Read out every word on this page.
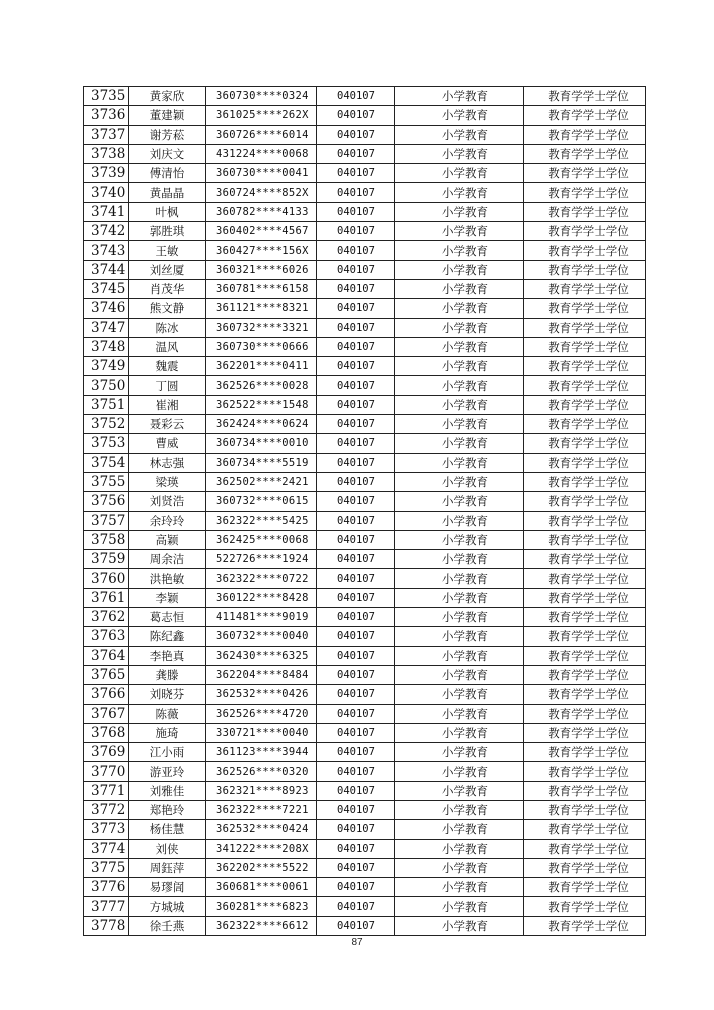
3735	黄家欣	360730****0324	040107	小学教育	教育学学士学位
3736	董建颖	361025****262X	040107	小学教育	教育学学士学位
3737	谢芳菘	360726****6014	040107	小学教育	教育学学士学位
3738	刘庆文	431224****0068	040107	小学教育	教育学学士学位
3739	傅清怡	360730****0041	040107	小学教育	教育学学士学位
3740	黄晶晶	360724****852X	040107	小学教育	教育学学士学位
3741	叶枫	360782****4133	040107	小学教育	教育学学士学位
3742	郭胜琪	360402****4567	040107	小学教育	教育学学士学位
3743	王敏	360427****156X	040107	小学教育	教育学学士学位
3744	刘丝厦	360321****6026	040107	小学教育	教育学学士学位
3745	肖茂华	360781****6158	040107	小学教育	教育学学士学位
3746	熊文静	361121****8321	040107	小学教育	教育学学士学位
3747	陈冰	360732****3321	040107	小学教育	教育学学士学位
3748	温风	360730****0666	040107	小学教育	教育学学士学位
3749	魏震	362201****0411	040107	小学教育	教育学学士学位
3750	丁圆	362526****0028	040107	小学教育	教育学学士学位
3751	崔湘	362522****1548	040107	小学教育	教育学学士学位
3752	聂彩云	362424****0624	040107	小学教育	教育学学士学位
3753	曹威	360734****0010	040107	小学教育	教育学学士学位
3754	林志强	360734****5519	040107	小学教育	教育学学士学位
3755	梁瑛	362502****2421	040107	小学教育	教育学学士学位
3756	刘贤浩	360732****0615	040107	小学教育	教育学学士学位
3757	余玲玲	362322****5425	040107	小学教育	教育学学士学位
3758	高颖	362425****0068	040107	小学教育	教育学学士学位
3759	周余洁	522726****1924	040107	小学教育	教育学学士学位
3760	洪艳敏	362322****0722	040107	小学教育	教育学学士学位
3761	李颖	360122****8428	040107	小学教育	教育学学士学位
3762	葛志恒	411481****9019	040107	小学教育	教育学学士学位
3763	陈纪鑫	360732****0040	040107	小学教育	教育学学士学位
3764	李艳真	362430****6325	040107	小学教育	教育学学士学位
3765	龚滕	362204****8484	040107	小学教育	教育学学士学位
3766	刘晓芬	362532****0426	040107	小学教育	教育学学士学位
3767	陈薇	362526****4720	040107	小学教育	教育学学士学位
3768	施琦	330721****0040	040107	小学教育	教育学学士学位
3769	江小雨	361123****3944	040107	小学教育	教育学学士学位
3770	游亚玲	362526****0320	040107	小学教育	教育学学士学位
3771	刘雅佳	362321****8923	040107	小学教育	教育学学士学位
3772	郑艳玲	362322****7221	040107	小学教育	教育学学士学位
3773	杨佳慧	362532****0424	040107	小学教育	教育学学士学位
3774	刘侠	341222****208X	040107	小学教育	教育学学士学位
3775	周鈺萍	362202****5522	040107	小学教育	教育学学士学位
3776	易璆訚	360681****0061	040107	小学教育	教育学学士学位
3777	方城城	360281****6823	040107	小学教育	教育学学士学位
3778	徐壬燕	362322****6612	040107	小学教育	教育学学士学位
87
